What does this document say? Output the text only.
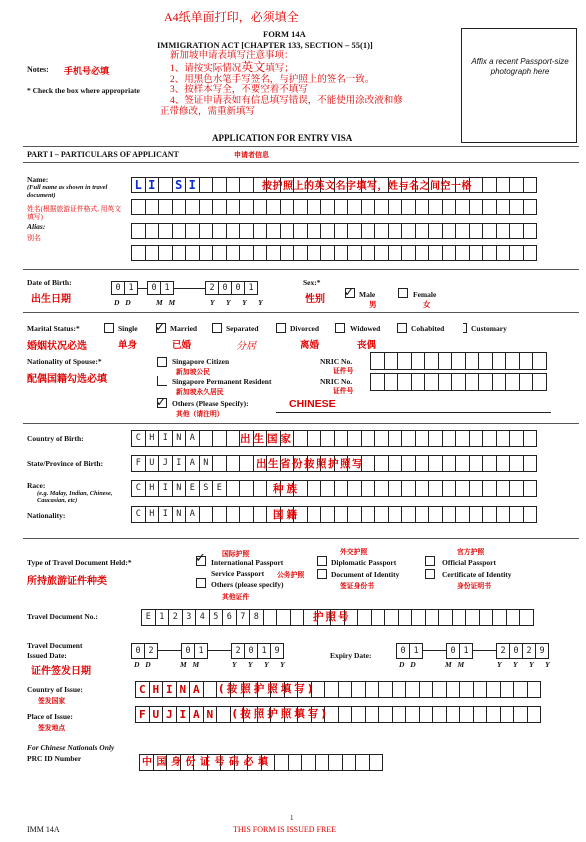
A4纸单面打印，必须填全
FORM 14A
IMMIGRATION ACT [CHAPTER 133, SECTION – 55(1)]
新加坡申请表填写注意事项：
1、请按实际情况英文填写；
2、用黑色水笔手写签名，与护照上的签名一致。
3、按样本写全，不要空着不填写
4、签证申请表如有信息填写错误，不能使用涂改液和修
正带修改，需重新填写
Notes: 手机号必填
* Check the box where appropriate
Affix a recent Passport-size photograph here
APPLICATION FOR ENTRY VISA
PART I – PARTICULARS OF APPLICANT	申请者信息
Name:
(Full name as shown in travel document)
姓名(根据旅游证件格式, 用英文填写)
L I	S I	按护照上的英文名字填写，姓与名之间空一格
Alias:
别名
Date of Birth:
出生日期
0 1	0 1	2 0 0 1
D D	M M	Y Y Y Y
Sex:*
性别
✓ Male
男
Female
女
Marital Status:*
婚姻状况必选
Single
单身
✓ Married
已婚
Separated
分居
Divorced
离婚
Widowed
丧偶
Cohabited	Customary
Nationality of Spouse:*
配偶国籍勾选必填
Singapore Citizen
新加坡公民
NRIC No.
证件号
Singapore Permanent Resident
新加坡永久居民
NRIC No.
证件号
✓ Others (Please Specify):
其他（请注明）
CHINESE
Country of Birth:	C H I N A	出生国家
State/Province of Birth:	F U J I A N	出生省份按照护照写
Race:
(e.g. Malay, Indian, Chinese, Caucasian, etc)
C H I N E S E	种族
Nationality:	C H I N A	国籍
Type of Travel Document Held:*
所持旅游证件种类
国际护照
✓ International Passport
Service Passport 公务护照
Others (please specify)
其他证件
外交护照
Diplomatic Passport
Document of Identity
签证身份书
官方护照
Official Passport
Certificate of Identity
身份证明书
Travel Document No.:	E 1 2 3 4 5 6 7 8	护照号
Travel Document
Issued Date:
证件签发日期
0 2	0 1	2 0 1 9
D D	M M	Y Y Y Y
Expiry Date:	0 1	0 1	2 0 2 9
D D	M M	Y Y Y Y
Country of Issue:
签发国家
C H I N A	(按照护照填写)
Place of Issue:
签发地点
F U J I A N	(按照护照填写)
For Chinese Nationals Only
PRC ID Number	中国身份证号码必填
1
IMM 14A	THIS FORM IS ISSUED FREE
